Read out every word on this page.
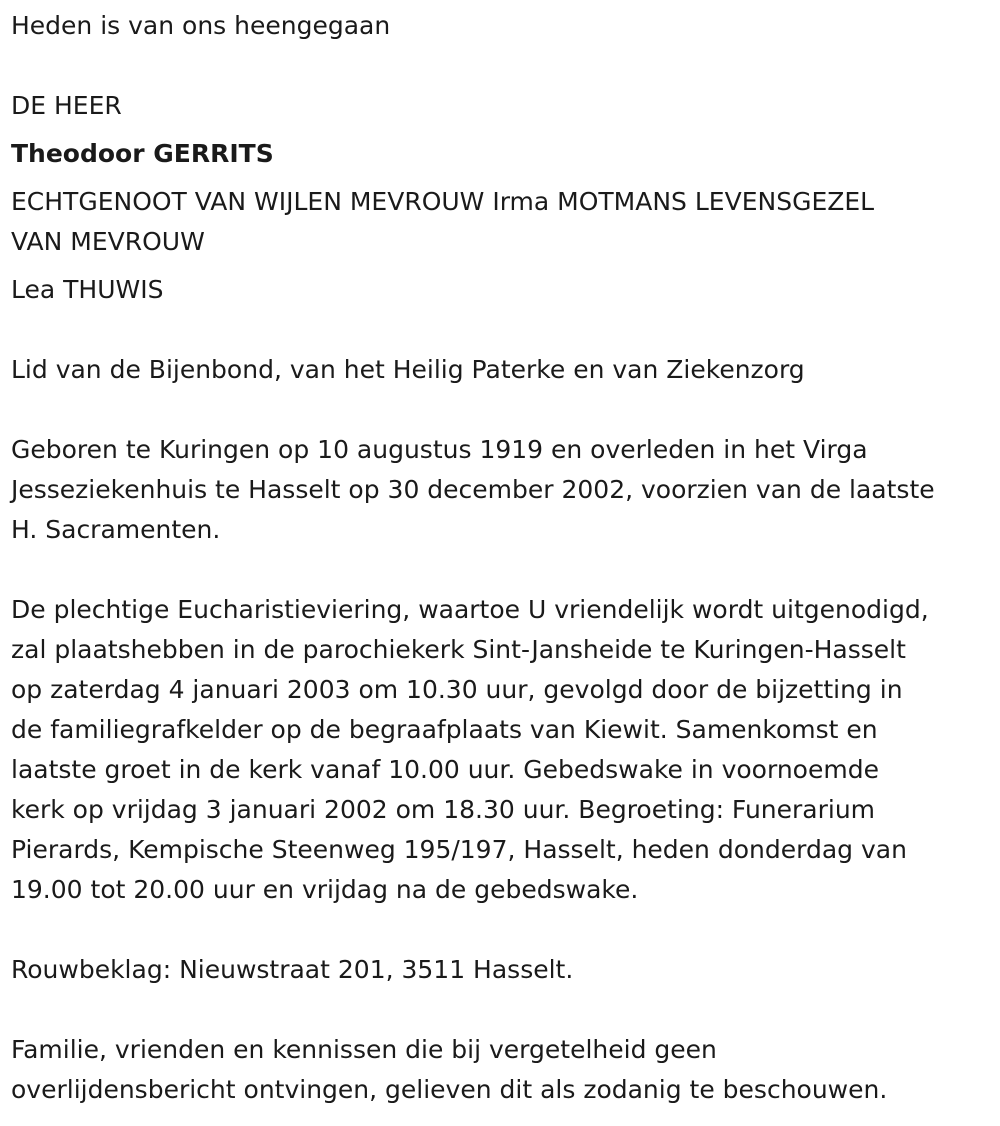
Heden is van ons heengegaan

DE HEER

Theodoor GERRITS

ECHTGENOOT VAN WIJLEN MEVROUW Irma MOTMANS LEVENSGEZEL

VAN MEVROUW

Lea THUWIS

Lid van de Bijenbond, van het Heilig Paterke en van Ziekenzorg

Geboren te Kuringen op 10 augustus 1919 en overleden in het Virga

Jesseziekenhuis te Hasselt op 30 december 2002, voorzien van de laatste

H. Sacramenten.

De plechtige Eucharistieviering, waartoe U vriendelijk wordt uitgenodigd,

zal plaatshebben in de parochiekerk Sint-Jansheide te Kuringen-Hasselt

op zaterdag 4 januari 2003 om 10.30 uur, gevolgd door de bijzetting in

de familiegrafkelder op de begraafplaats van Kiewit. Samenkomst en

laatste groet in de kerk vanaf 10.00 uur. Gebedswake in voornoemde

kerk op vrijdag 3 januari 2002 om 18.30 uur. Begroeting: Funerarium

Pierards, Kempische Steenweg 195/197, Hasselt, heden donderdag van

19.00 tot 20.00 uur en vrijdag na de gebedswake.

Rouwbeklag: Nieuwstraat 201, 3511 Hasselt.

Familie, vrienden en kennissen die bij vergetelheid geen

overlijdensbericht ontvingen, gelieven dit als zodanig te beschouwen.
